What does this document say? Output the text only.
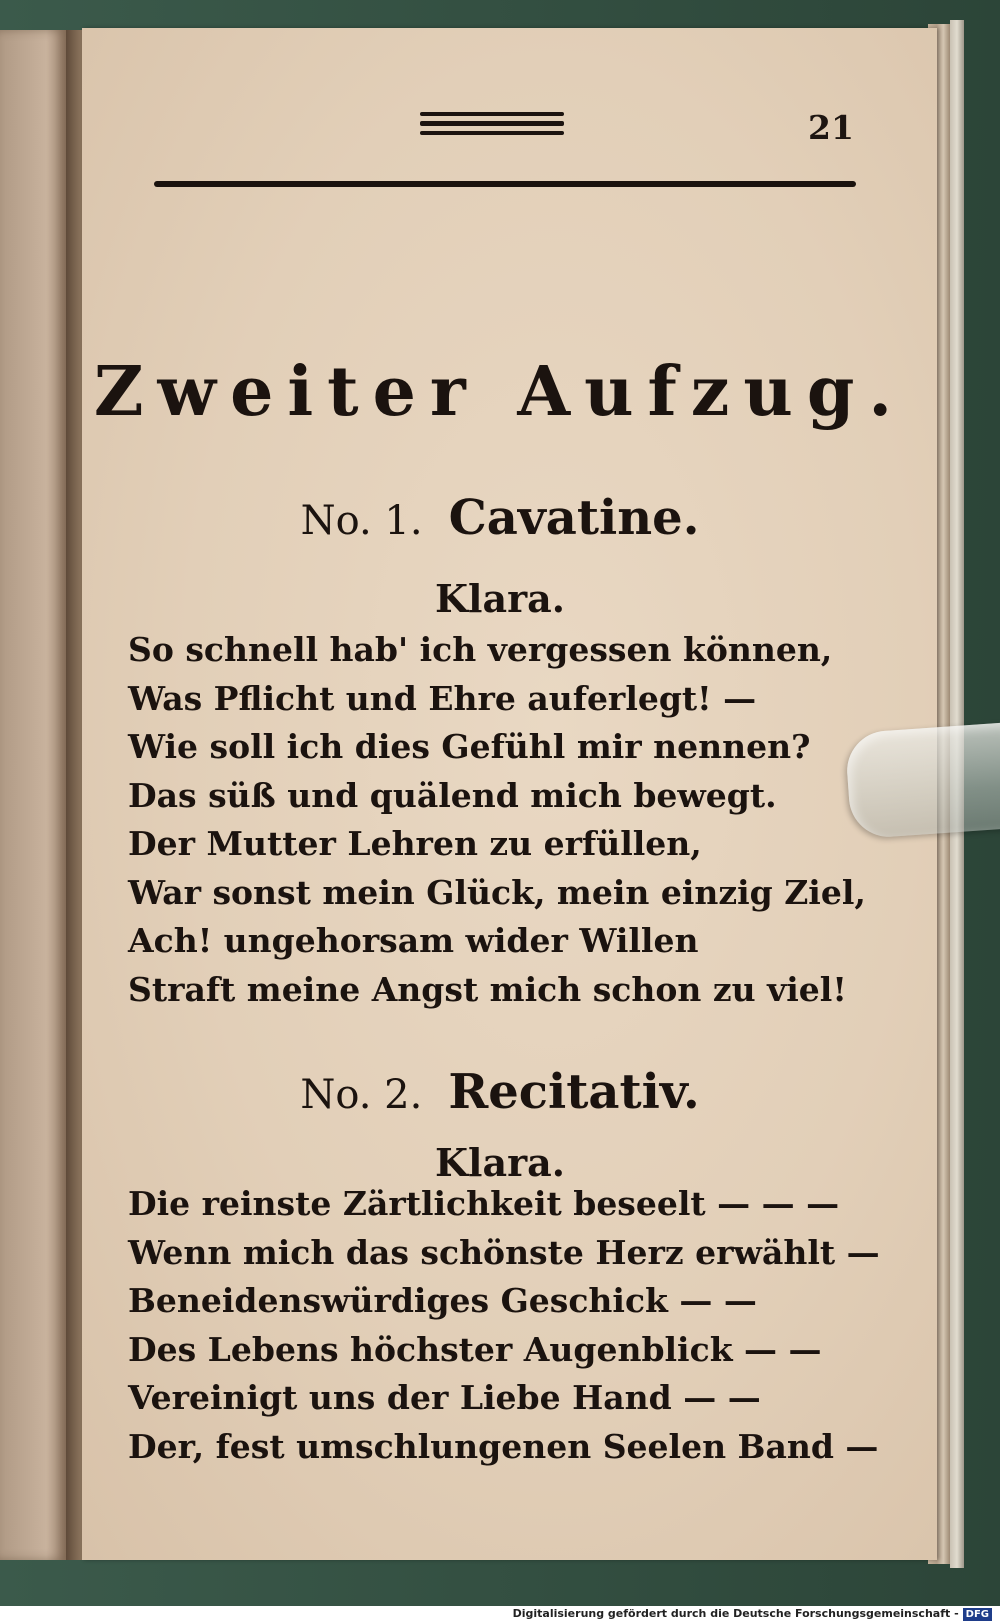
21
Zweiter Aufzug.
No. 1. Cavatine.
Klara.
So schnell hab' ich vergessen können,
Was Pflicht und Ehre auferlegt! —
Wie soll ich dies Gefühl mir nennen?
Das süß und quälend mich bewegt.
Der Mutter Lehren zu erfüllen,
War sonst mein Glück, mein einzig Ziel,
Ach! ungehorsam wider Willen
Straft meine Angst mich schon zu viel!
No. 2. Recitativ.
Klara.
Die reinste Zärtlichkeit beseelt — — —
Wenn mich das schönste Herz erwählt —
Beneidenswürdiges Geschick — —
Des Lebens höchster Augenblick — —
Vereinigt uns der Liebe Hand — —
Der, fest umschlungenen Seelen Band —
Digitalisierung gefördert durch die Deutsche Forschungsgemeinschaft - DFG
